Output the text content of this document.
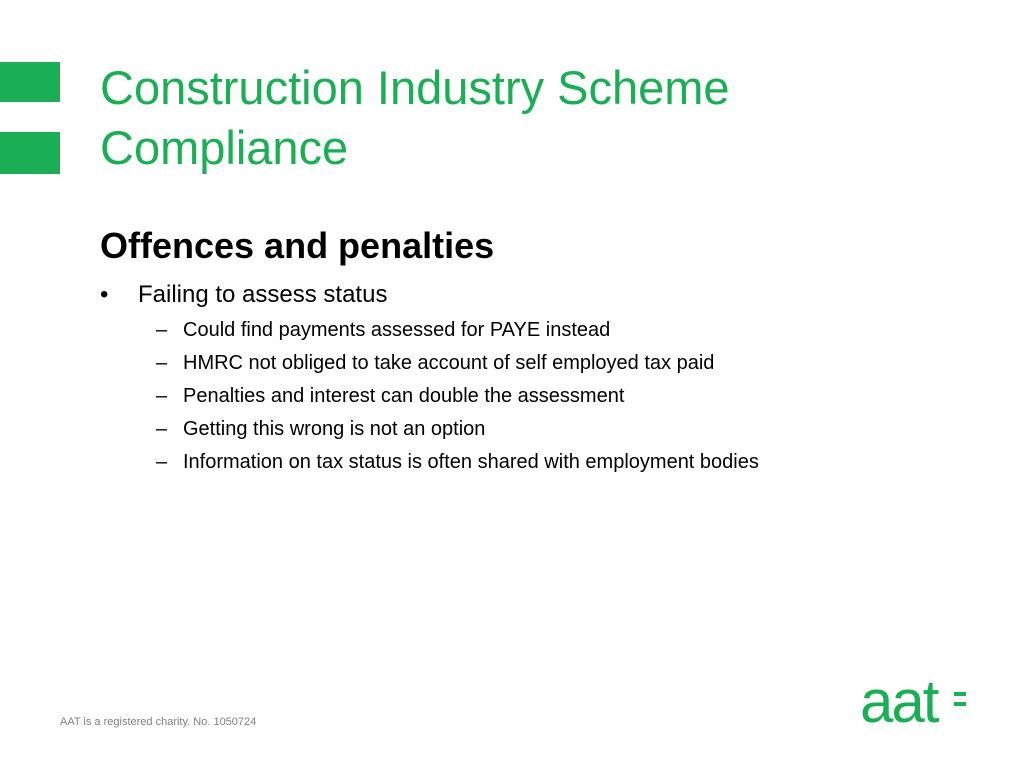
Construction Industry Scheme
Compliance
Offences and penalties
• Failing to assess status
– Could find payments assessed for PAYE instead
– HMRC not obliged to take account of self employed tax paid
– Penalties and interest can double the assessment
– Getting this wrong is not an option
– Information on tax status is often shared with employment bodies
AAT is a registered charity. No. 1050724	aat
